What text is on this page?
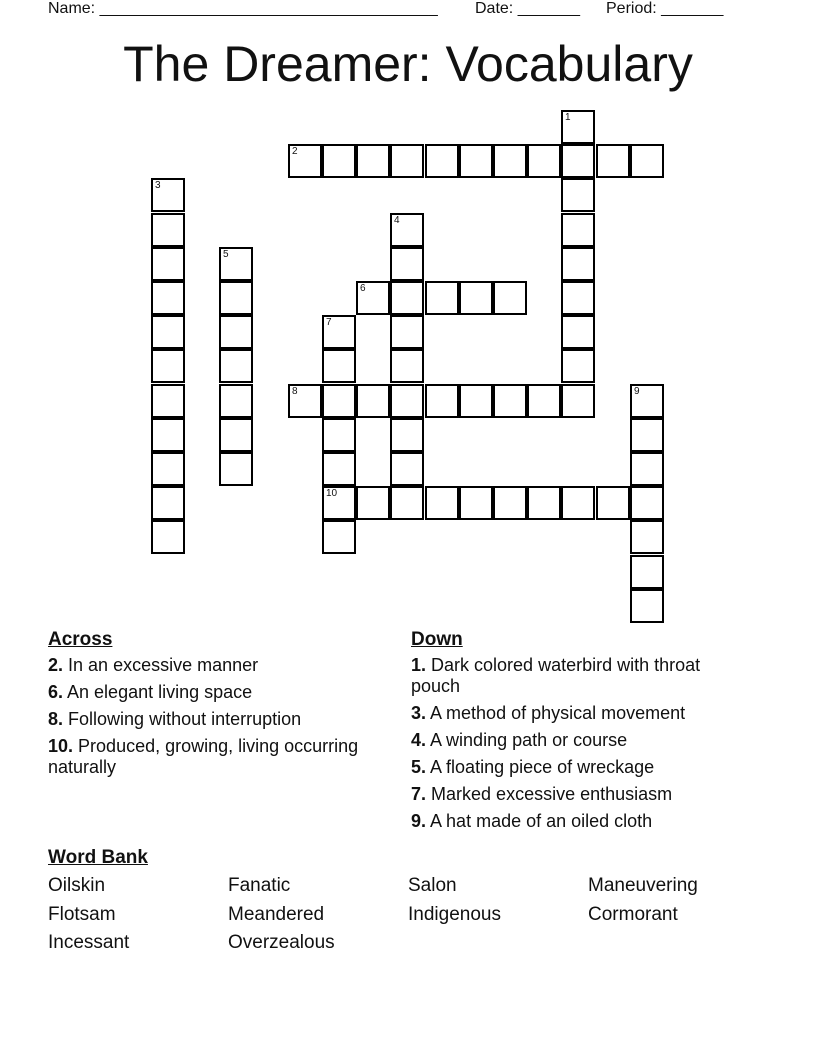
Name: ______________________________________ Date: _______ Period: _______
The Dreamer: Vocabulary
1
2
3
4
5
6
7
10
8	9
Across
2. In an excessive manner
6. An elegant living space
8. Following without interruption
10. Produced, growing, living occurring naturally
Down
1. Dark colored waterbird with throat pouch
3. A method of physical movement
4. A winding path or course
5. A floating piece of wreckage
7. Marked excessive enthusiasm
9. A hat made of an oiled cloth
Word Bank
Oilskin	Fanatic	Salon	Maneuvering
Flotsam	Meandered	Indigenous	Cormorant
Incessant	Overzealous
